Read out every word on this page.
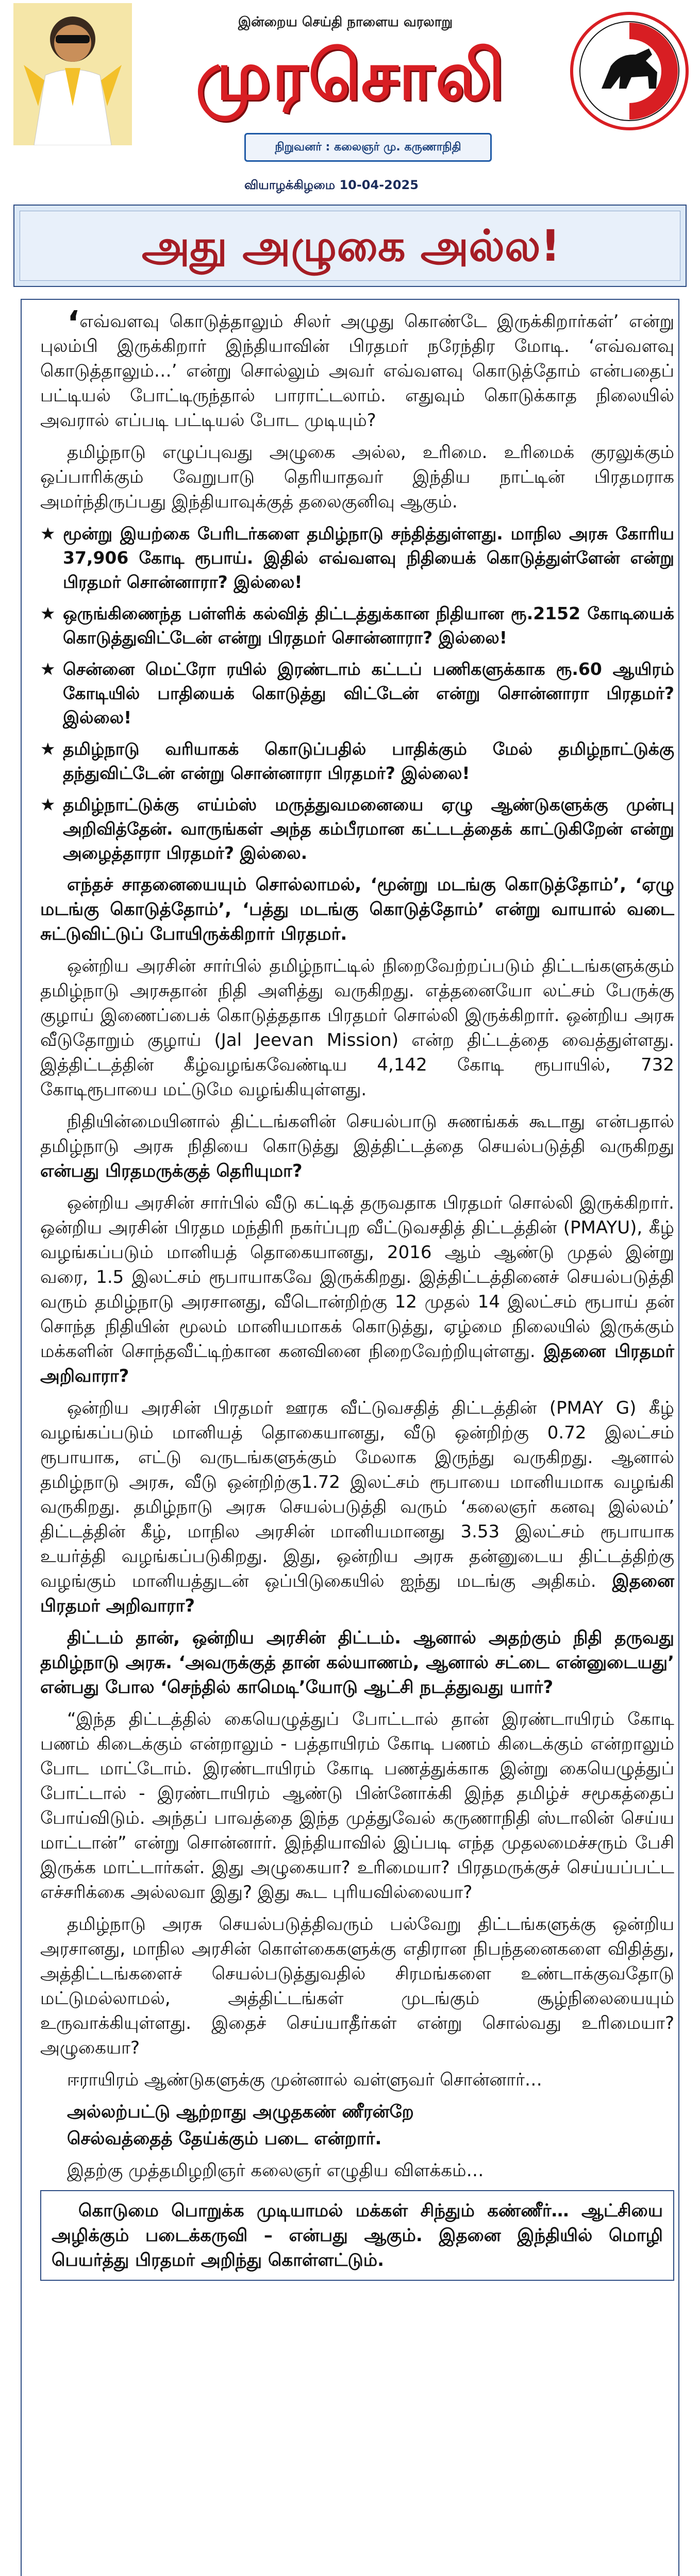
இன்றைய செய்தி நாளைய வரலாறு
முரசொலி
நிறுவனர் : கலைஞர் மு. கருணாநிதி
வியாழக்கிழமை 10-04-2025
அது அழுகை அல்ல!

‘எவ்வளவு கொடுத்தாலும் சிலர் அழுது கொண்டே இருக்கிறார்கள்’ என்று புலம்பி இருக்கிறார் இந்தியாவின் பிரதமர் நரேந்திர மோடி. ‘எவ்வளவு கொடுத்தாலும்…’ என்று சொல்லும் அவர் எவ்வளவு கொடுத்தோம் என்பதைப் பட்டியல் போட்டிருந்தால் பாராட்டலாம். எதுவும் கொடுக்காத நிலையில் அவரால் எப்படி பட்டியல் போட முடியும்?

தமிழ்நாடு எழுப்புவது அழுகை அல்ல, உரிமை. உரிமைக் குரலுக்கும் ஒப்பாரிக்கும் வேறுபாடு தெரியாதவர் இந்திய நாட்டின் பிரதமராக அமர்ந்திருப்பது இந்தியாவுக்குத் தலைகுனிவு ஆகும்.

★ மூன்று இயற்கை பேரிடர்களை தமிழ்நாடு சந்தித்துள்ளது. மாநில அரசு கோரிய 37,906 கோடி ரூபாய். இதில் எவ்வளவு நிதியைக் கொடுத்துள்ளேன் என்று பிரதமர் சொன்னாரா? இல்லை!
★ ஒருங்கிணைந்த பள்ளிக் கல்வித் திட்டத்துக்கான நிதியான ரூ.2152 கோடியைக் கொடுத்துவிட்டேன் என்று பிரதமர் சொன்னாரா? இல்லை!
★ சென்னை மெட்ரோ ரயில் இரண்டாம் கட்டப் பணிகளுக்காக ரூ.60 ஆயிரம் கோடியில் பாதியைக் கொடுத்து விட்டேன் என்று சொன்னாரா பிரதமர்? இல்லை!
★ தமிழ்நாடு வரியாகக் கொடுப்பதில் பாதிக்கும் மேல் தமிழ்நாட்டுக்கு தந்துவிட்டேன் என்று சொன்னாரா பிரதமர்? இல்லை!
★ தமிழ்நாட்டுக்கு எய்ம்ஸ் மருத்துவமனையை ஏழு ஆண்டுகளுக்கு முன்பு அறிவித்தேன். வாருங்கள் அந்த கம்பீரமான கட்டடத்தைக் காட்டுகிறேன் என்று அழைத்தாரா பிரதமர்? இல்லை.

எந்தச் சாதனையையும் சொல்லாமல், ‘மூன்று மடங்கு கொடுத்தோம்’, ‘ஏழு மடங்கு கொடுத்தோம்’, ‘பத்து மடங்கு கொடுத்தோம்’ என்று வாயால் வடை சுட்டுவிட்டுப் போயிருக்கிறார் பிரதமர்.

ஒன்றிய அரசின் சார்பில் தமிழ்நாட்டில் நிறைவேற்றப்படும் திட்டங்களுக்கும் தமிழ்நாடு அரசுதான் நிதி அளித்து வருகிறது. எத்தனையோ லட்சம் பேருக்கு குழாய் இணைப்பைக் கொடுத்ததாக பிரதமர் சொல்லி இருக்கிறார். ஒன்றிய அரசு வீடுதோறும் குழாய் (Jal Jeevan Mission) என்ற திட்டத்தை வைத்துள்ளது. இத்திட்டத்தின் கீழ்வழங்கவேண்டிய 4,142 கோடி ரூபாயில், 732 கோடிரூபாயை மட்டுமே வழங்கியுள்ளது.

நிதியின்மையினால் திட்டங்களின் செயல்பாடு சுணங்கக் கூடாது என்பதால் தமிழ்நாடு அரசு நிதியை கொடுத்து இத்திட்டத்தை செயல்படுத்தி வருகிறது என்பது பிரதமருக்குத் தெரியுமா?

ஒன்றிய அரசின் சார்பில் வீடு கட்டித் தருவதாக பிரதமர் சொல்லி இருக்கிறார். ஒன்றிய அரசின் பிரதம மந்திரி நகர்ப்புற வீட்டுவசதித் திட்டத்தின் (PMAYU), கீழ் வழங்கப்படும் மானியத் தொகையானது, 2016 ஆம் ஆண்டு முதல் இன்று வரை, 1.5 இலட்சம் ரூபாயாகவே இருக்கிறது. இத்திட்டத்தினைச் செயல்படுத்தி வரும் தமிழ்நாடு அரசானது, வீடொன்றிற்கு 12 முதல் 14 இலட்சம் ரூபாய் தன் சொந்த நிதியின் மூலம் மானியமாகக் கொடுத்து, ஏழ்மை நிலையில் இருக்கும் மக்களின் சொந்தவீட்டிற்கான கனவினை நிறைவேற்றியுள்ளது. இதனை பிரதமர் அறிவாரா?

ஒன்றிய அரசின் பிரதமர் ஊரக வீட்டுவசதித் திட்டத்தின் (PMAY G) கீழ் வழங்கப்படும் மானியத் தொகையானது, வீடு ஒன்றிற்கு 0.72 இலட்சம் ரூபாயாக, எட்டு வருடங்களுக்கும் மேலாக இருந்து வருகிறது. ஆனால் தமிழ்நாடு அரசு, வீடு ஒன்றிற்கு1.72 இலட்சம் ரூபாயை மானியமாக வழங்கி வருகிறது. தமிழ்நாடு அரசு செயல்படுத்தி வரும் ‘கலைஞர் கனவு இல்லம்’ திட்டத்தின் கீழ், மாநில அரசின் மானியமானது 3.53 இலட்சம் ரூபாயாக உயர்த்தி வழங்கப்படுகிறது. இது, ஒன்றிய அரசு தன்னுடைய திட்டத்திற்கு வழங்கும் மானியத்துடன் ஒப்பிடுகையில் ஐந்து மடங்கு அதிகம். இதனை பிரதமர் அறிவாரா?

திட்டம் தான், ஒன்றிய அரசின் திட்டம். ஆனால் அதற்கும் நிதி தருவது தமிழ்நாடு அரசு. ‘அவருக்குத் தான் கல்யாணம், ஆனால் சட்டை என்னுடையது’ என்பது போல ‘செந்தில் காமெடி’யோடு ஆட்சி நடத்துவது யார்?

“இந்த திட்டத்தில் கையெழுத்துப் போட்டால் தான் இரண்டாயிரம் கோடி பணம் கிடைக்கும் என்றாலும் - பத்தாயிரம் கோடி பணம் கிடைக்கும் என்றாலும் போட மாட்டோம். இரண்டாயிரம் கோடி பணத்துக்காக இன்று கையெழுத்துப் போட்டால் - இரண்டாயிரம் ஆண்டு பின்னோக்கி இந்த தமிழ்ச் சமூகத்தைப் போய்விடும். அந்தப் பாவத்தை இந்த முத்துவேல் கருணாநிதி ஸ்டாலின் செய்ய மாட்டான்” என்று சொன்னார். இந்தியாவில் இப்படி எந்த முதலமைச்சரும் பேசி இருக்க மாட்டார்கள். இது அழுகையா? உரிமையா? பிரதமருக்குச் செய்யப்பட்ட எச்சரிக்கை அல்லவா இது? இது கூட புரியவில்லையா?

தமிழ்நாடு அரசு செயல்படுத்திவரும் பல்வேறு திட்டங்களுக்கு ஒன்றிய அரசானது, மாநில அரசின் கொள்கைகளுக்கு எதிரான நிபந்தனைகளை விதித்து, அத்திட்டங்களைச் செயல்படுத்துவதில் சிரமங்களை உண்டாக்குவதோடு மட்டுமல்லாமல், அத்திட்டங்கள் முடங்கும் சூழ்நிலையையும் உருவாக்கியுள்ளது. இதைச் செய்யாதீர்கள் என்று சொல்வது உரிமையா? அழுகையா?

ஈராயிரம் ஆண்டுகளுக்கு முன்னால் வள்ளுவர் சொன்னார்…

அல்லற்பட்டு ஆற்றாது அழுதகண் ணீரன்றே

செல்வத்தைத் தேய்க்கும் படை என்றார்.

இதற்கு முத்தமிழறிஞர் கலைஞர் எழுதிய விளக்கம்…

கொடுமை பொறுக்க முடியாமல் மக்கள் சிந்தும் கண்ணீர்… ஆட்சியை அழிக்கும் படைக்கருவி – என்பது ஆகும். இதனை இந்தியில் மொழி பெயர்த்து பிரதமர் அறிந்து கொள்ளட்டும்.
